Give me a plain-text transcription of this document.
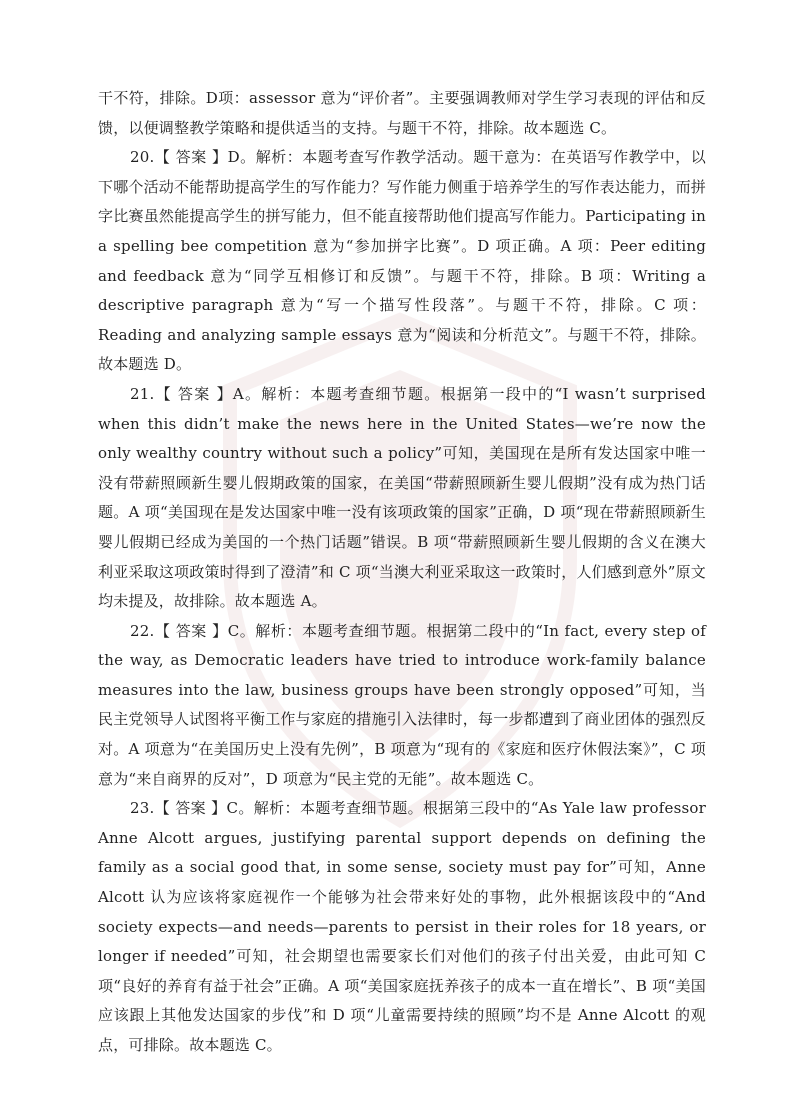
干不符，排除。D项：assessor 意为“评价者”。主要强调教师对学生学习表现的评估和反馈，以便调整教学策略和提供适当的支持。与题干不符，排除。故本题选 C。

20.【 答案 】D。解析：本题考查写作教学活动。题干意为：在英语写作教学中，以下哪个活动不能帮助提高学生的写作能力？写作能力侧重于培养学生的写作表达能力，而拼字比赛虽然能提高学生的拼写能力，但不能直接帮助他们提高写作能力。Participating in a spelling bee competition 意为“参加拼字比赛”。D 项正确。A 项：Peer editing and feedback 意为“同学互相修订和反馈”。与题干不符，排除。B 项：Writing a descriptive paragraph 意为“写一个描写性段落”。与题干不符，排除。C 项：Reading and analyzing sample essays 意为“阅读和分析范文”。与题干不符，排除。故本题选 D。

21.【 答案 】A。解析：本题考查细节题。根据第一段中的“I wasn’t surprised when this didn’t make the news here in the United States—we’re now the only wealthy country without such a policy”可知，美国现在是所有发达国家中唯一没有带薪照顾新生婴儿假期政策的国家，在美国“带薪照顾新生婴儿假期”没有成为热门话题。A 项“美国现在是发达国家中唯一没有该项政策的国家”正确，D 项“现在带薪照顾新生婴儿假期已经成为美国的一个热门话题”错误。B 项“带薪照顾新生婴儿假期的含义在澳大利亚采取这项政策时得到了澄清”和 C 项“当澳大利亚采取这一政策时，人们感到意外”原文均未提及，故排除。故本题选 A。

22.【 答案 】C。解析：本题考查细节题。根据第二段中的“In fact, every step of the way, as Democratic leaders have tried to introduce work-family balance measures into the law, business groups have been strongly opposed”可知，当民主党领导人试图将平衡工作与家庭的措施引入法律时，每一步都遭到了商业团体的强烈反对。A 项意为“在美国历史上没有先例”，B 项意为“现有的《家庭和医疗休假法案》”，C 项意为“来自商界的反对”，D 项意为“民主党的无能”。故本题选 C。

23.【 答案 】C。解析：本题考查细节题。根据第三段中的“As Yale law professor Anne Alcott argues, justifying parental support depends on defining the family as a social good that, in some sense, society must pay for”可知，Anne Alcott 认为应该将家庭视作一个能够为社会带来好处的事物，此外根据该段中的“And society expects—and needs—parents to persist in their roles for 18 years, or longer if needed”可知，社会期望也需要家长们对他们的孩子付出关爱，由此可知 C 项“良好的养育有益于社会”正确。A 项“美国家庭抚养孩子的成本一直在增长”、B 项“美国应该跟上其他发达国家的步伐”和 D 项“儿童需要持续的照顾”均不是 Anne Alcott 的观点，可排除。故本题选 C。
